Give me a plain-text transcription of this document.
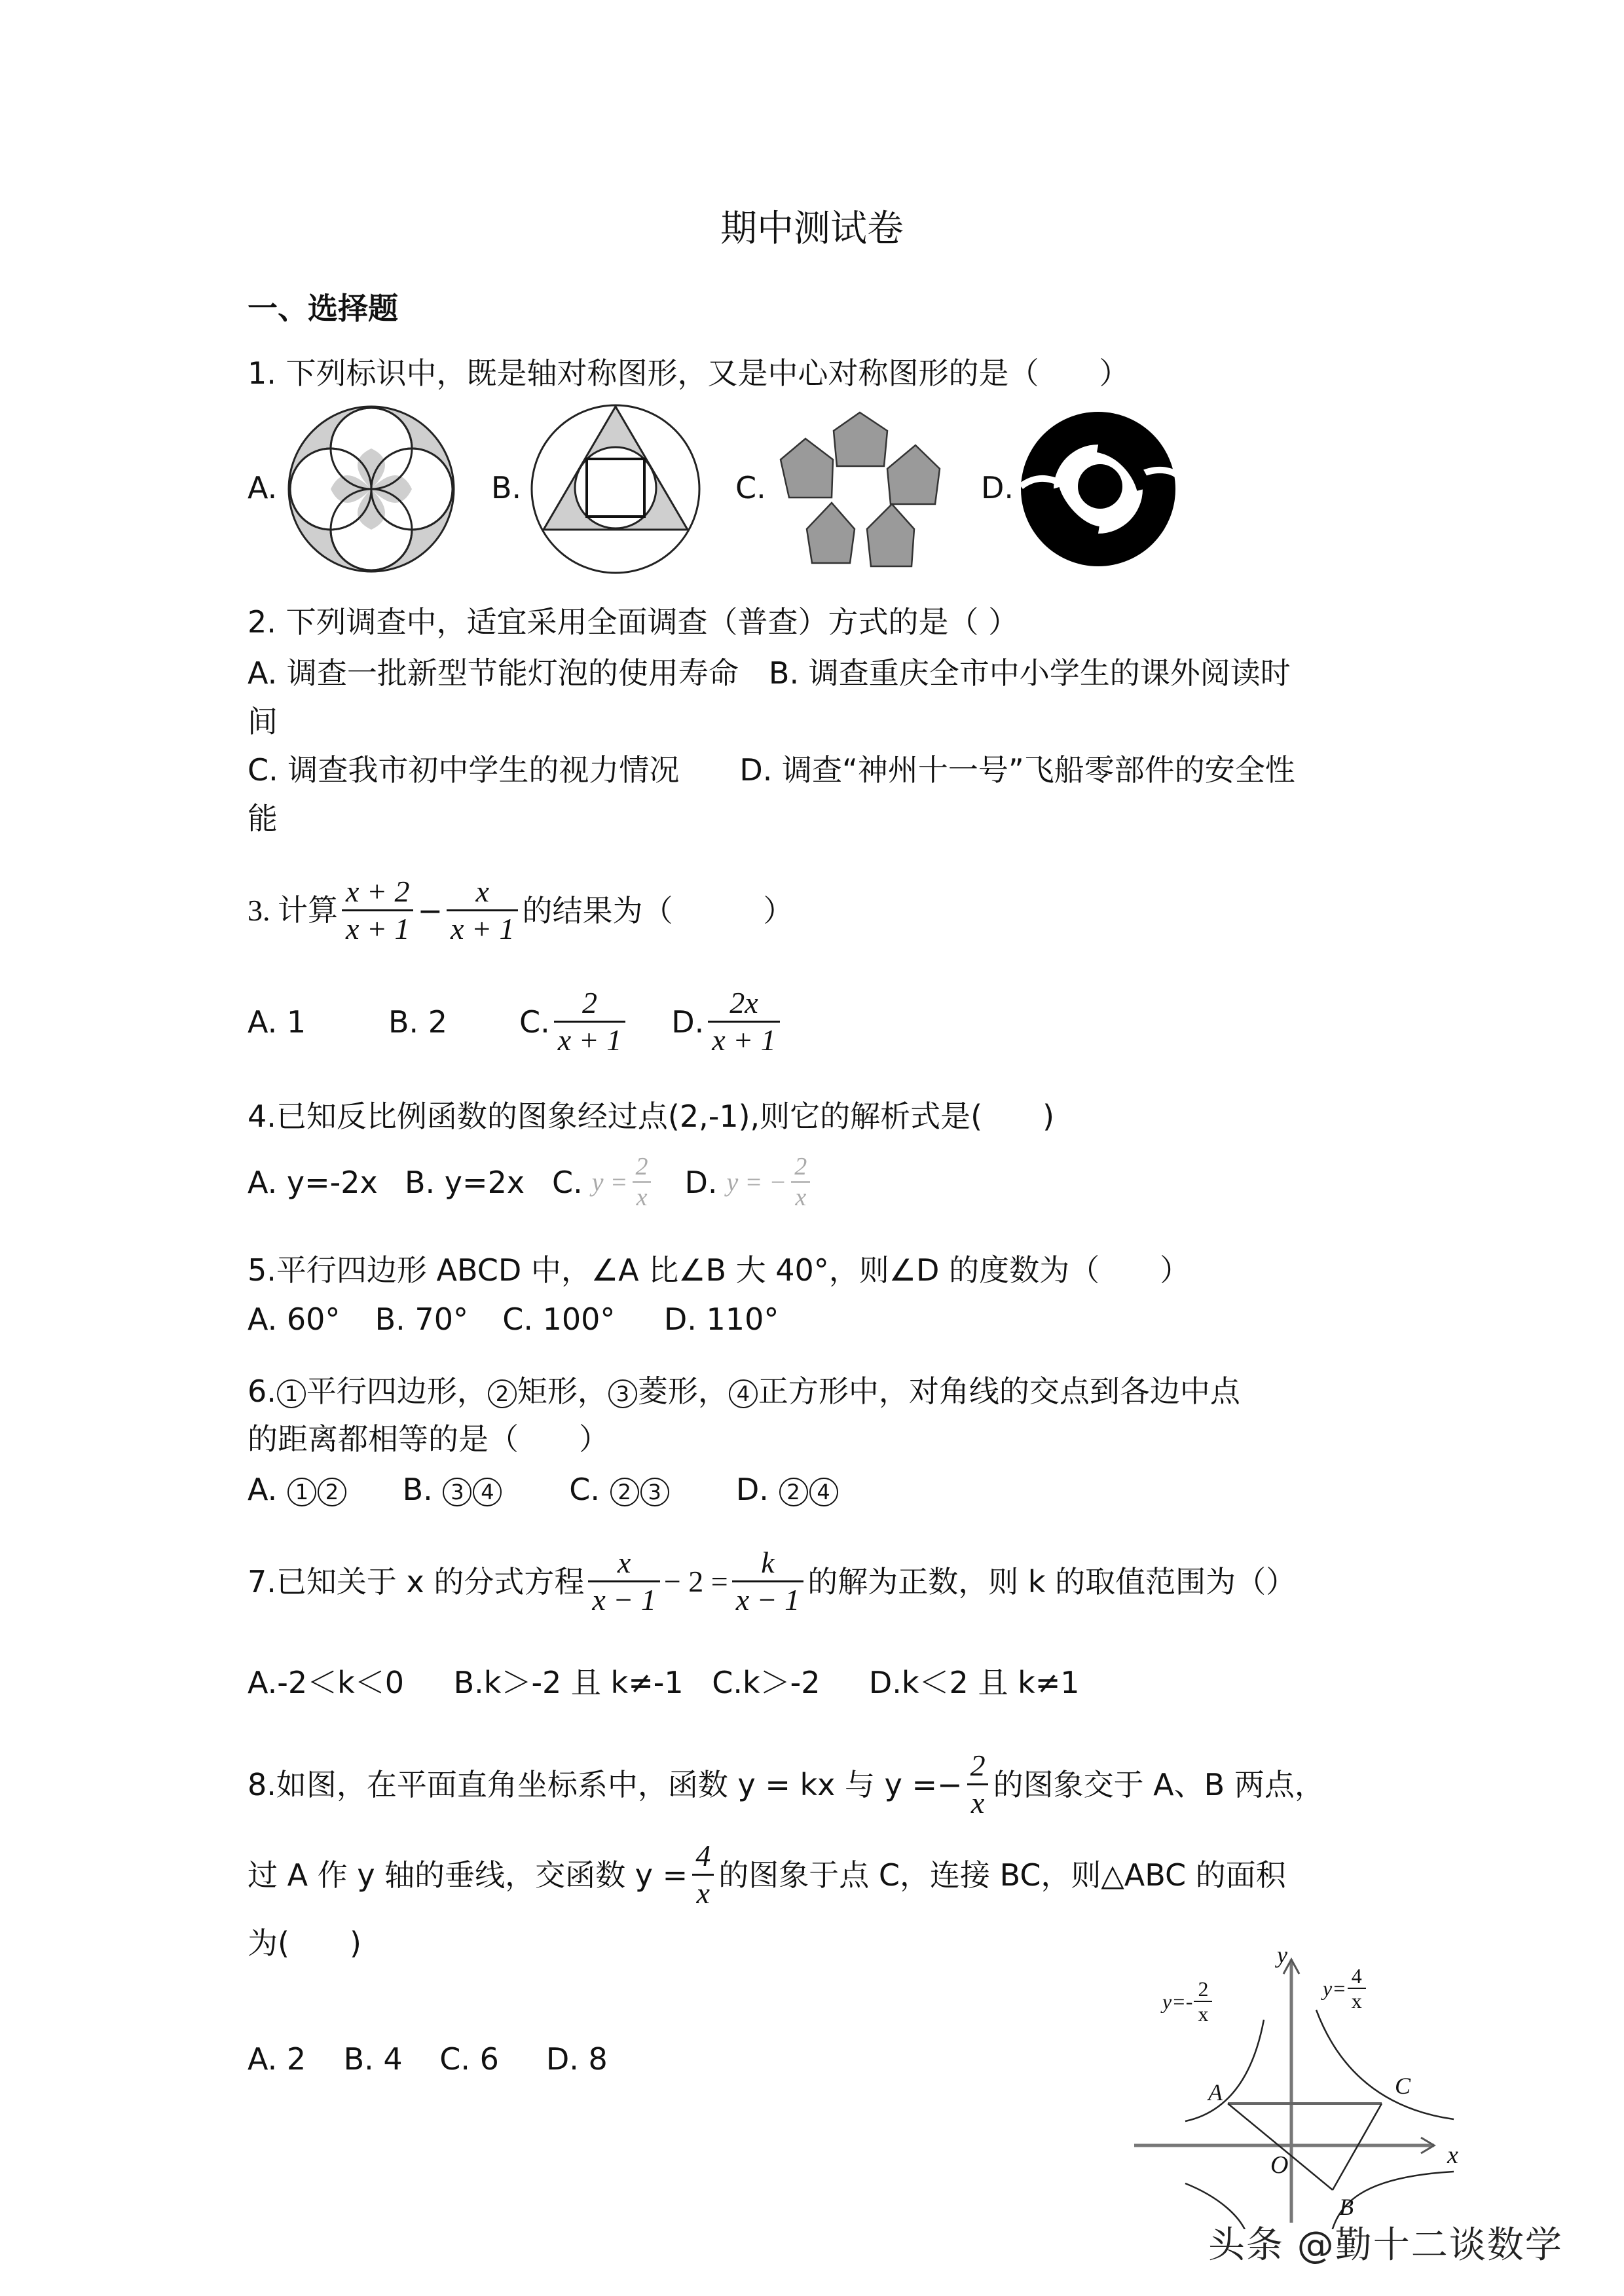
期中测试卷
一、选择题
1. 下列标识中，既是轴对称图形，又是中心对称图形的是（　　）
A.	B.	C.	D.
2. 下列调查中，适宜采用全面调查（普查）方式的是（ ）
A. 调查一批新型节能灯泡的使用寿命　B. 调查重庆全市中小学生的课外阅读时
间
C. 调查我市初中学生的视力情况　　D. 调查“神州十一号”飞船零部件的安全性
能
3. 计算 $\frac{x + 2}{x + 1} - \frac{x}{x + 1}$ 的结果为（　　　）
A. 1	B. 2	C. $\frac{2}{x + 1} D$. $\frac{2x}{x + 1}$
4.已知反比例函数的图象经过点(2,-1),则它的解析式是(　　)
A. y=-2x B. y=2x C. $y = \frac{2}{x} D$. y = − $\frac{2}{x}$
5.平行四边形 ABCD 中，∠A 比∠B 大 40°，则∠D 的度数为（　　）
A. 60° B. 70° C. 100° D. 110°
6. 1 平行四边形， 2 矩形， 3 菱形， 4 正方形中，对角线的交点到各边中点
的距离都相等的是（　　）
A. 1 2 B. 3 4 C. 2 3 D. 2 4
7.已知关于 x 的分式方程 $\frac{x}{x - 1} - 2 = \frac{k}{x - 1}$ 的解为正数，则 k 的取值范围为（）
A.-2＜k＜0 B.k＞-2 且 k≠-1 C.k＞-2 D.k＜2 且 k≠1
8.如图，在平面直角坐标系中，函数 y = kx 与 $y =- \frac{2}{x}$ 的图象交于 A、B 两点，
过 A 作 y 轴的垂线，交函数 $y = \frac{4}{x}$ 的图象于点 C，连接 BC，则△ABC 的面积
为(　　)
A. 2 B. 4 C. 6 D. 8
y
x
O
A
B
C
$y=- \frac{2}{x}$	$y= \frac{4}{x}$
头条 @勤十二谈数学
